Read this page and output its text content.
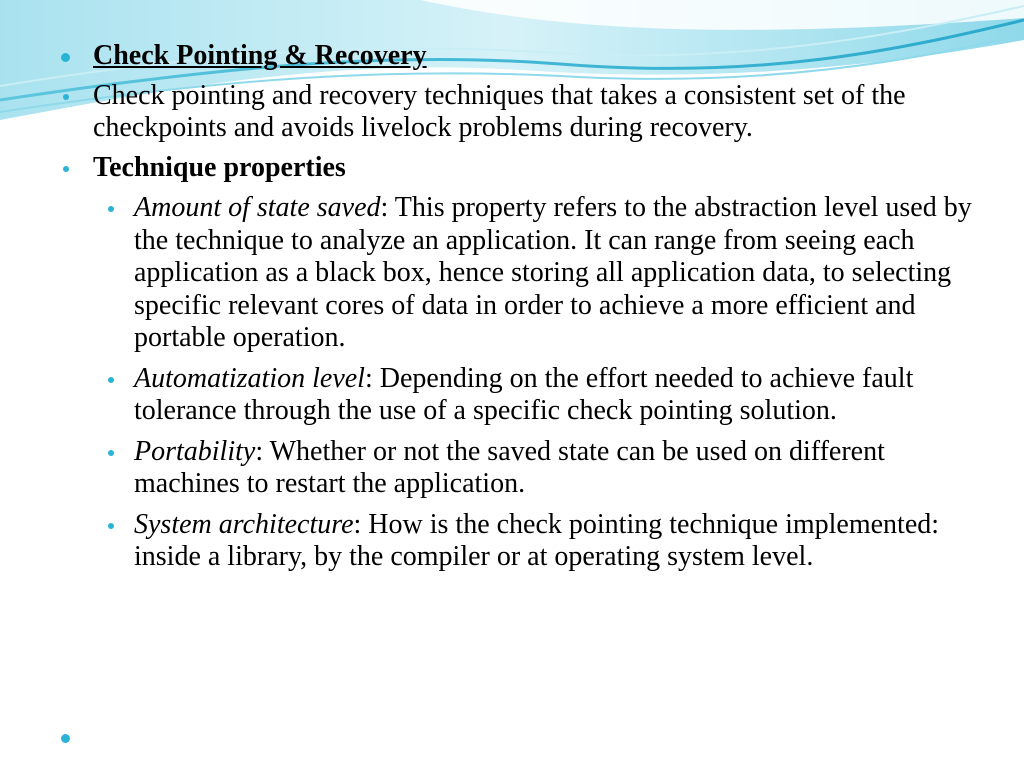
Check Pointing & Recovery
Check pointing and recovery techniques that takes a consistent set of the checkpoints and avoids livelock problems during recovery.
Technique properties
Amount of state saved: This property refers to the abstraction level used by the technique to analyze an application. It can range from seeing each application as a black box, hence storing all application data, to selecting specific relevant cores of data in order to achieve a more efficient and portable operation.
Automatization level: Depending on the effort needed to achieve fault tolerance through the use of a specific check pointing solution.
Portability: Whether or not the saved state can be used on different machines to restart the application.
System architecture: How is the check pointing technique implemented: inside a library, by the compiler or at operating system level.
